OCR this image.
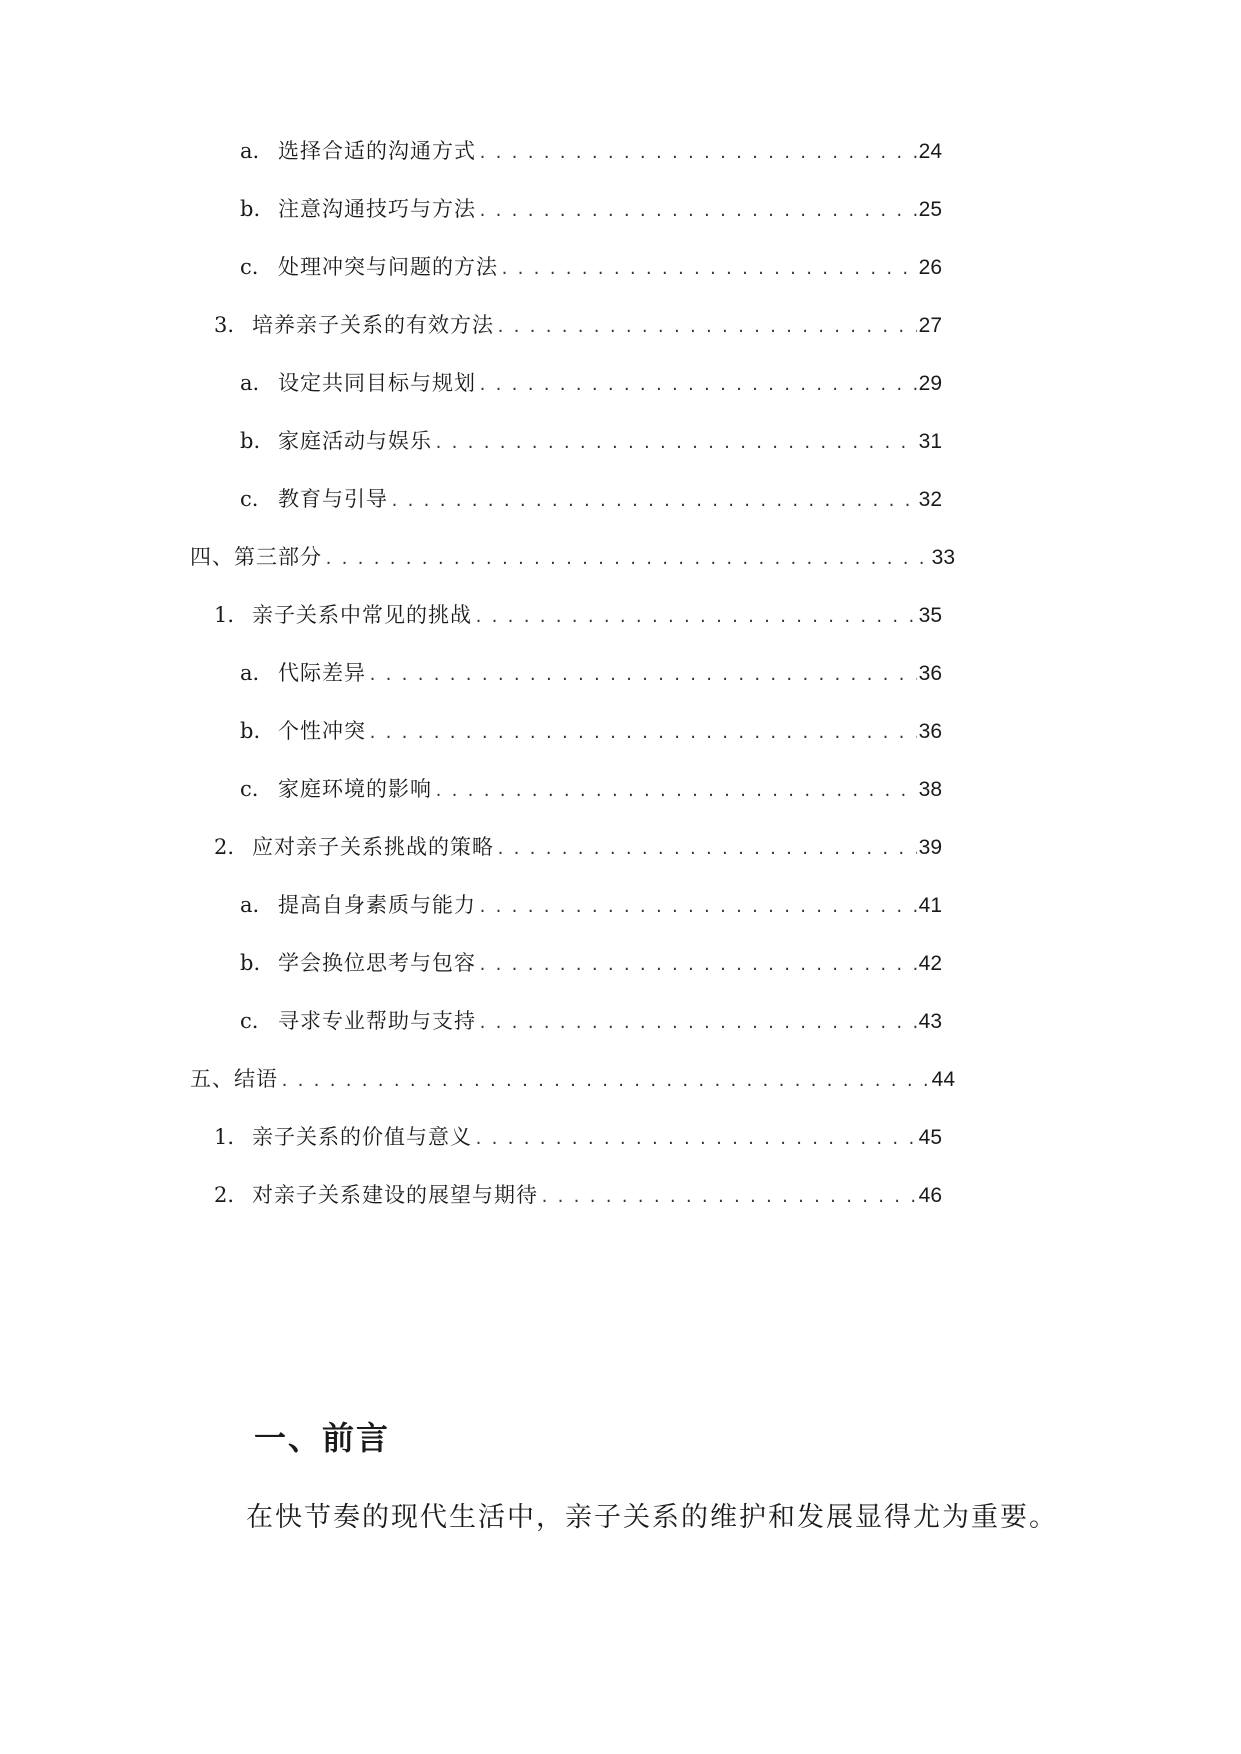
a. 选择合适的沟通方式 .....	24
b. 注意沟通技巧与方法 .....	25
c. 处理冲突与问题的方法 .....	26
3. 培养亲子关系的有效方法 .....	27
a. 设定共同目标与规划 .....	29
b. 家庭活动与娱乐 .....	31
c. 教育与引导 .....	32
四、第三部分 .....	33
1. 亲子关系中常见的挑战 .....	35
a. 代际差异 .....	36
b. 个性冲突 .....	36
c. 家庭环境的影响 .....	38
2. 应对亲子关系挑战的策略 .....	39
a. 提高自身素质与能力 .....	41
b. 学会换位思考与包容 .....	42
c. 寻求专业帮助与支持 .....	43
五、结语 .....	44
1. 亲子关系的价值与意义 .....	45
2. 对亲子关系建设的展望与期待 .....	46
一、前言

在快节奏的现代生活中，亲子关系的维护和发展显得尤为重要。
